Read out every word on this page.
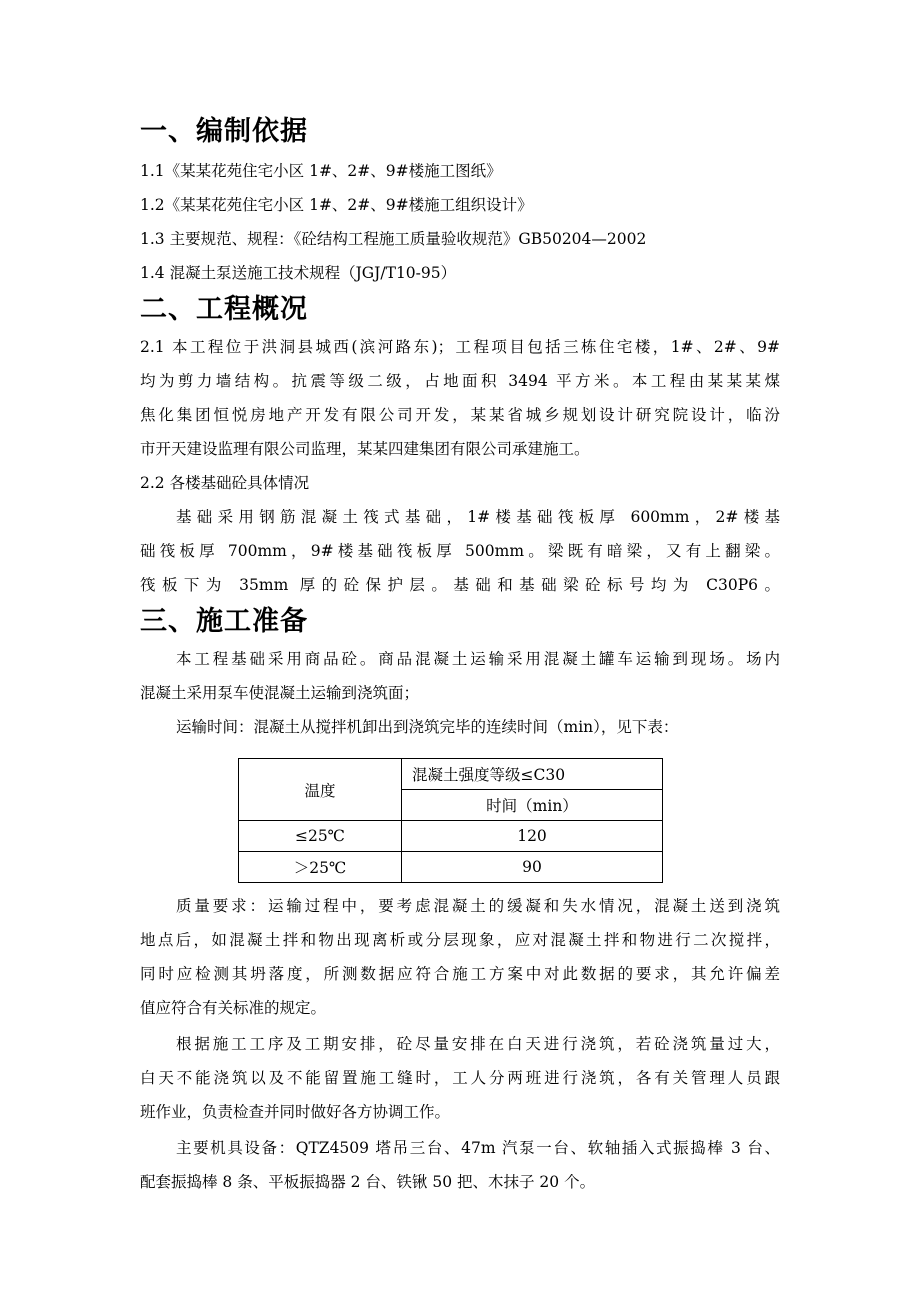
一、编制依据

1.1《某某花苑住宅小区 1#、2#、9#楼施工图纸》

1.2《某某花苑住宅小区 1#、2#、9#楼施工组织设计》

1.3 主要规范、规程：《砼结构工程施工质量验收规范》GB50204—2002

1.4 混凝土泵送施工技术规程（JGJ/T10-95）

二、工程概况
2.1 本工程位于洪洞县城西(滨河路东)；工程项目包括三栋住宅楼，1#、2#、9#
均为剪力墙结构。抗震等级二级，占地面积 3494 平方米。本工程由某某某煤
焦化集团恒悦房地产开发有限公司开发，某某省城乡规划设计研究院设计，临汾
市开天建设监理有限公司监理，某某四建集团有限公司承建施工。

2.2 各楼基础砼具体情况

基础采用钢筋混凝土筏式基础，1#楼基础筏板厚 600mm，2#楼基
础筏板厚 700mm，9#楼基础筏板厚 500mm。梁既有暗梁，又有上翻梁。
筏板下为 35mm 厚的砼保护层。基础和基础梁砼标号均为 C30P6。
三、施工准备
本工程基础采用商品砼。商品混凝土运输采用混凝土罐车运输到现场。场内
混凝土采用泵车使混凝土运输到浇筑面；

运输时间：混凝土从搅拌机卸出到浇筑完毕的连续时间（min），见下表：

温度	混凝土强度等级≤C30
	时间（min）
≤25℃	120
＞25℃	90
质量要求：运输过程中，要考虑混凝土的缓凝和失水情况，混凝土送到浇筑
地点后，如混凝土拌和物出现离析或分层现象，应对混凝土拌和物进行二次搅拌，
同时应检测其坍落度，所测数据应符合施工方案中对此数据的要求，其允许偏差
值应符合有关标准的规定。
根据施工工序及工期安排，砼尽量安排在白天进行浇筑，若砼浇筑量过大，
白天不能浇筑以及不能留置施工缝时，工人分两班进行浇筑，各有关管理人员跟
班作业，负责检查并同时做好各方协调工作。
主要机具设备：QTZ4509 塔吊三台、47m 汽泵一台、软轴插入式振捣棒 3 台、
配套振捣棒 8 条、平板振捣器 2 台、铁锹 50 把、木抹子 20 个。
